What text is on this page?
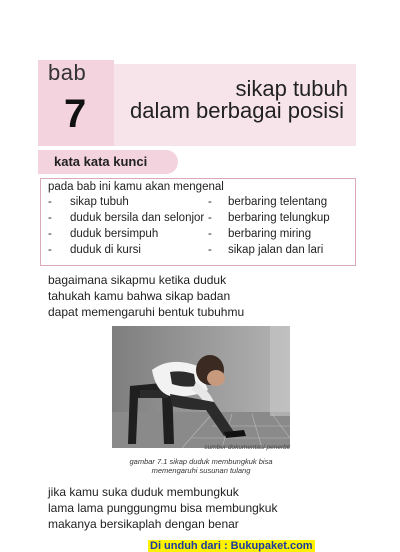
bab
7
sikap tubuh
dalam berbagai posisi
kata kata kunci
pada bab ini kamu akan mengenal
- sikap tubuh
- duduk bersila dan selonjor
- duduk bersimpuh
- duduk di kursi
- berbaring telentang
- berbaring telungkup
- berbaring miring
- sikap jalan dan lari
bagaimana sikapmu ketika duduk
tahukah kamu bahwa sikap badan
dapat memengaruhi bentuk tubuhmu
sumber dokumentasi penerbit
gambar 7.1 sikap duduk membungkuk bisa
memengaruhi susunan tulang
jika kamu suka duduk membungkuk
lama lama punggungmu bisa membungkuk
makanya bersikaplah dengan benar
Di unduh dari : Bukupaket.com
